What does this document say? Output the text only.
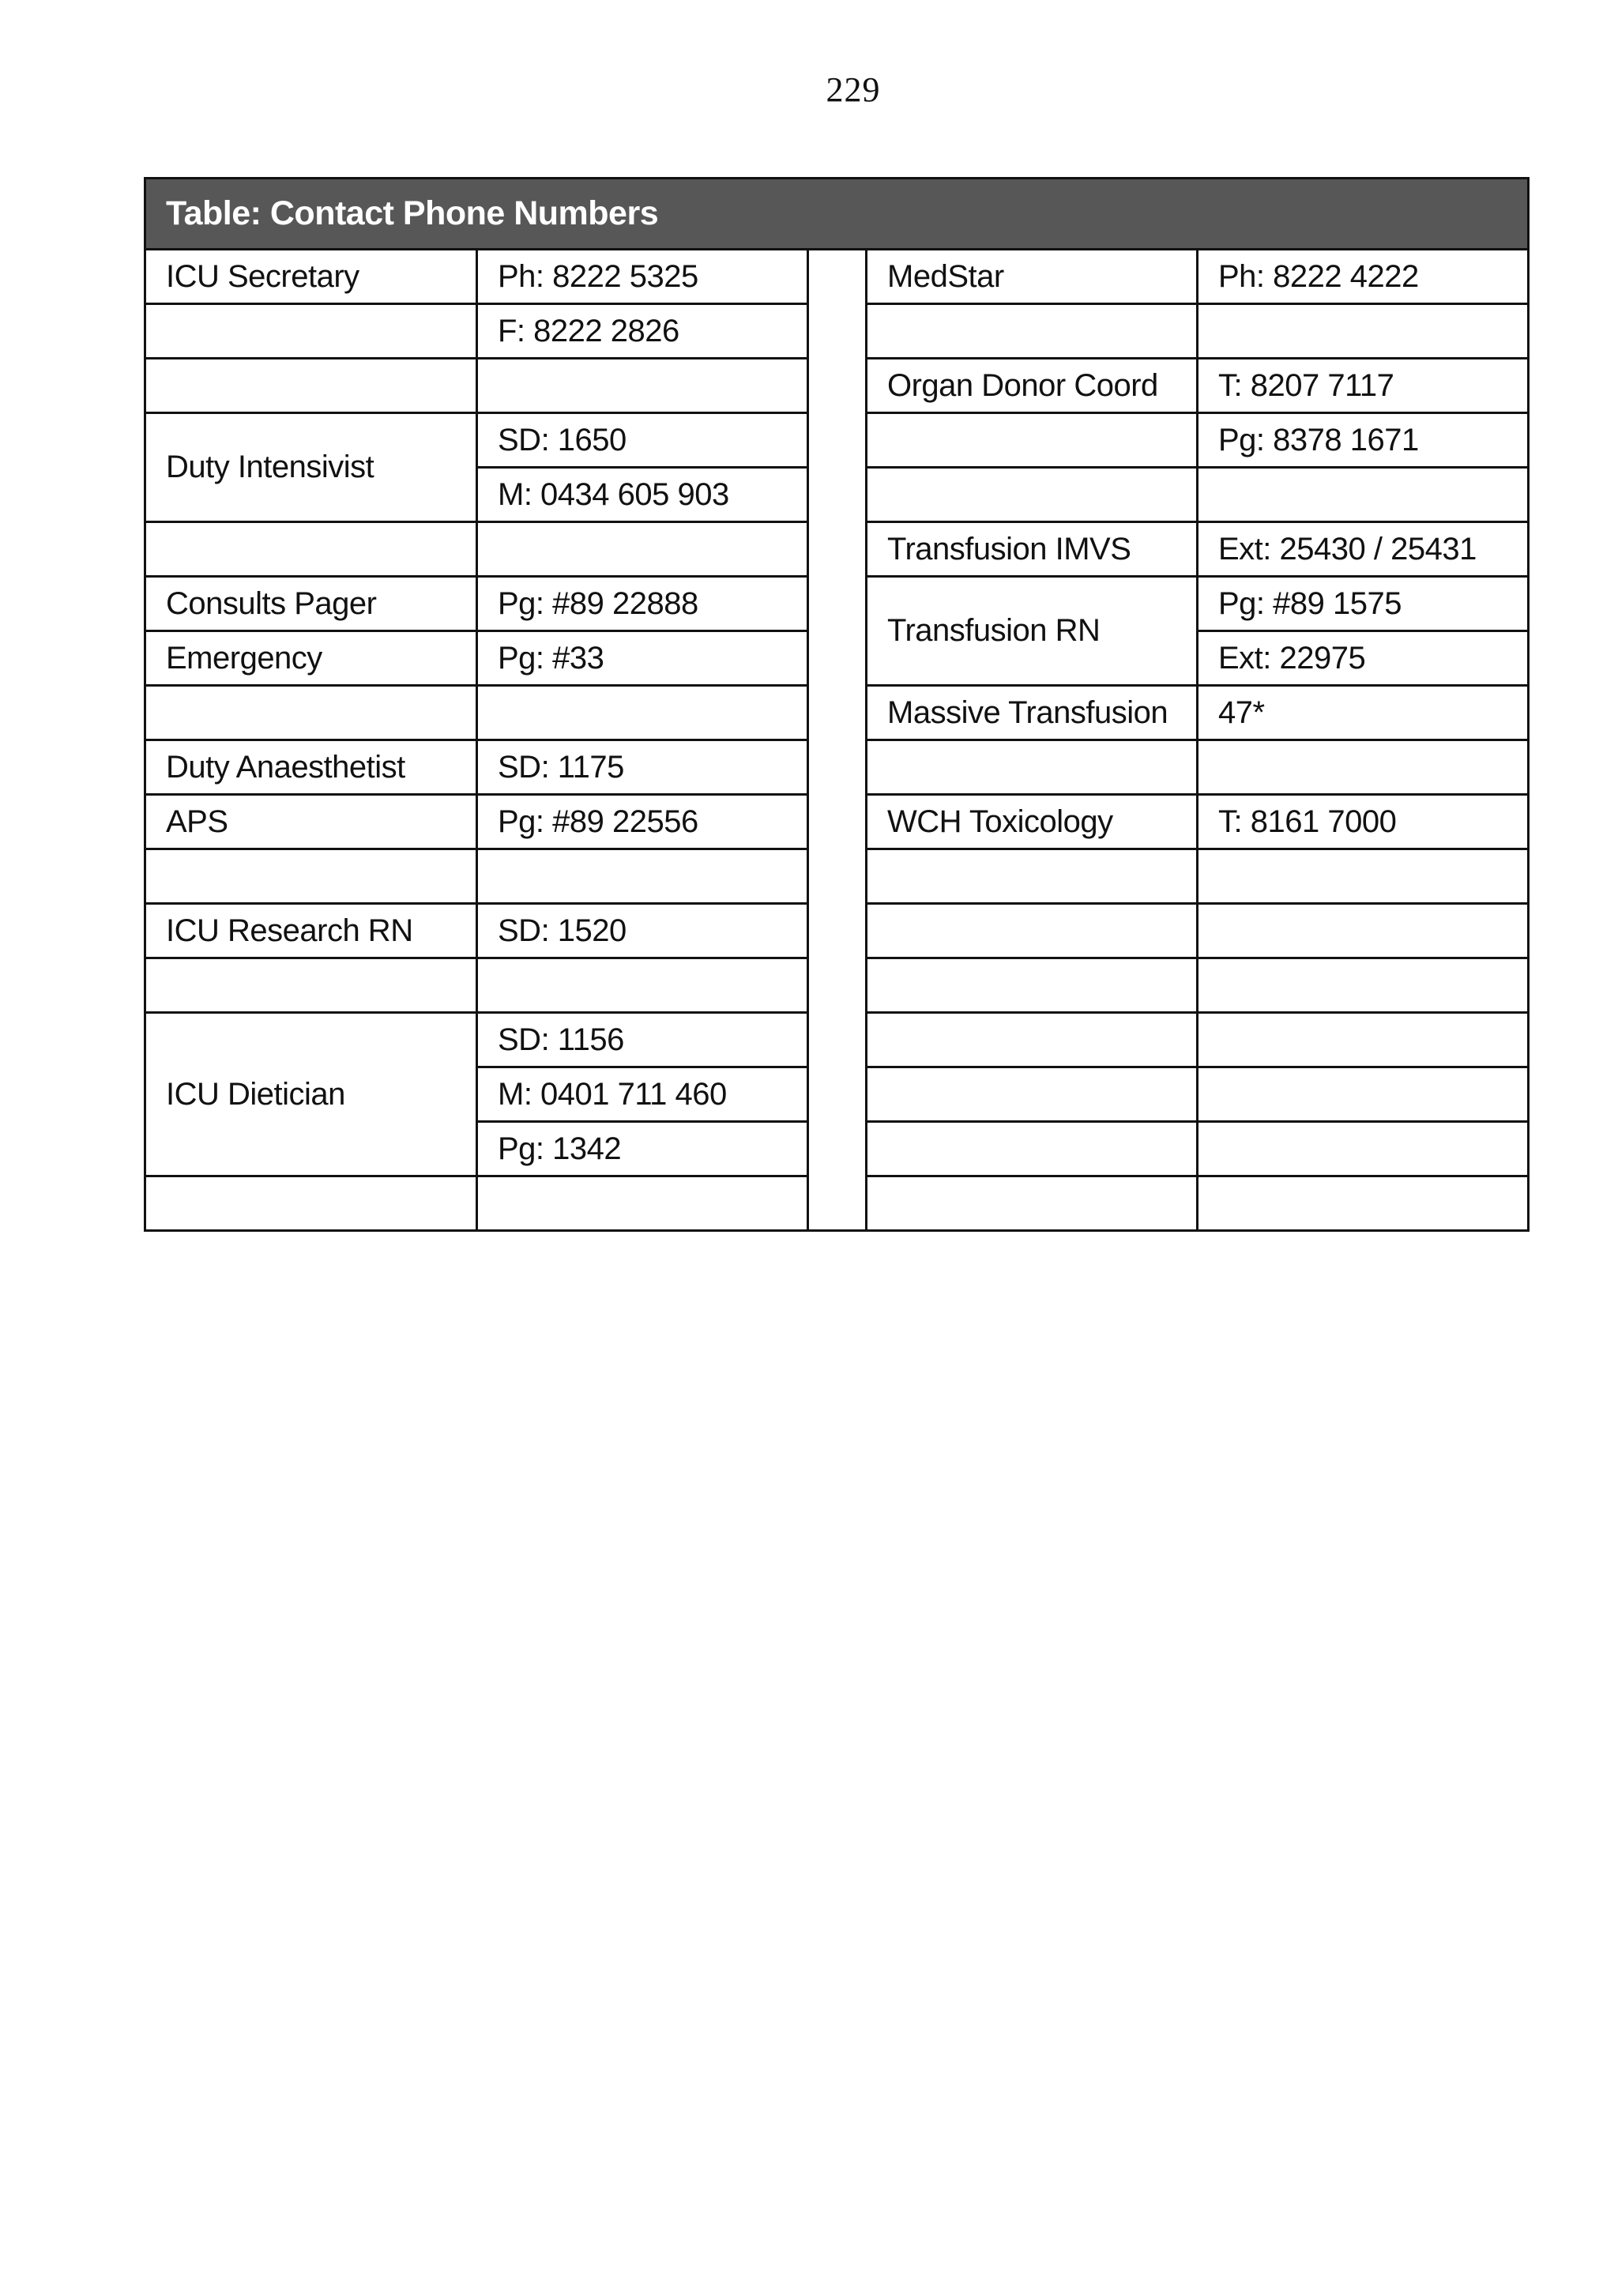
229
Table: Contact Phone Numbers				
ICU Secretary	Ph: 8222 5325		MedStar	Ph: 8222 4222
	F: 8222 2826			
			Organ Donor Coord	T: 8207 7117
Duty Intensivist	SD: 1650			Pg: 8378 1671
	M: 0434 605 903			
			Transfusion IMVS	Ext: 25430 / 25431
Consults Pager	Pg: #89 22888		Transfusion RN	Pg: #89 1575
Emergency	Pg: #33			Ext: 22975
			Massive Transfusion	47*
Duty Anaesthetist	SD: 1175			
APS	Pg: #89 22556		WCH Toxicology	T: 8161 7000

ICU Research RN	SD: 1520			

ICU Dietician	SD: 1156			
	M: 0401 711 460			
	Pg: 1342			
